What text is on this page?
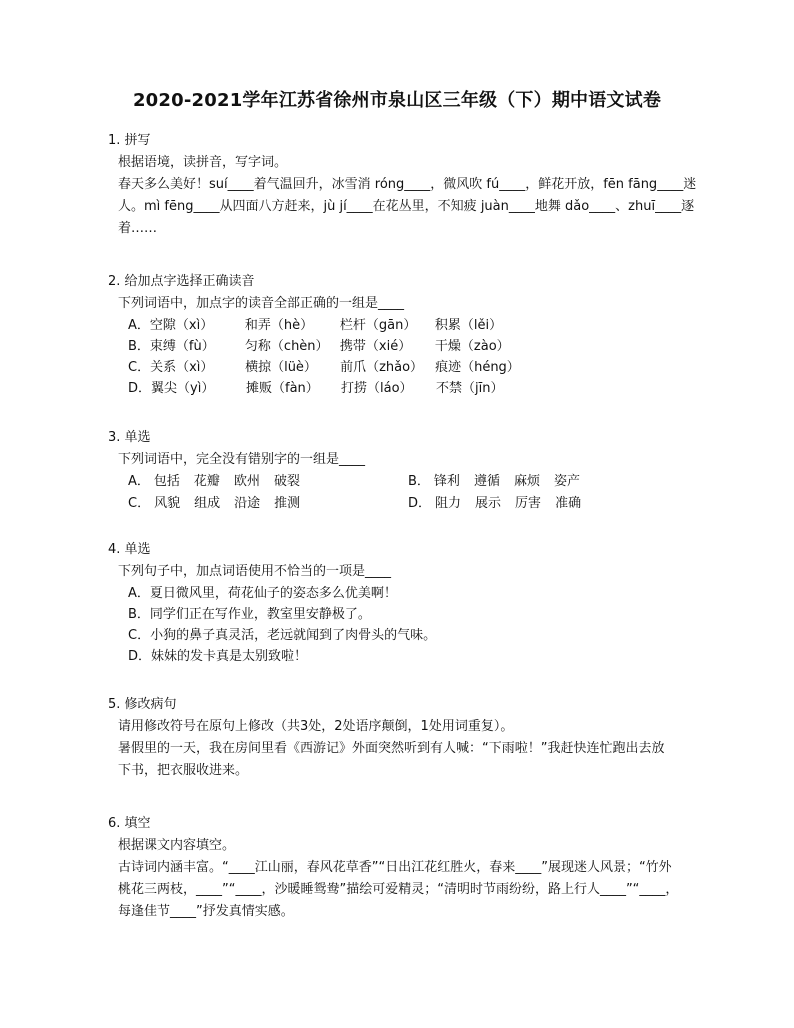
2020-2021学年江苏省徐州市泉山区三年级（下）期中语文试卷
1. 拼写
根据语境，读拼音，写字词。
春天多么美好！suí____着气温回升，冰雪消 róng____，微风吹 fú____，鲜花开放，fēn fāng____迷
人。mì fēng____从四面八方赶来，jù jí____在花丛里，不知疲 juàn____地舞 dǎo____、zhuī____逐
着……
2. 给加点字选择正确读音
下列词语中，加点字的读音全部正确的一组是____
A．空隙（xì） 和弄（hè） 栏杆（gān） 积累（lěi）
B．束缚（fù） 匀称（chèn） 携带（xié） 干燥（zào）
C．关系（xì） 横掠（lüè） 前爪（zhǎo） 痕迹（héng）
D．翼尖（yì） 摊贩（fàn） 打捞（láo） 不禁（jīn）
3. 单选
下列词语中，完全没有错别字的一组是____
A． 包括 花瓣 欧州 破裂	B． 锋利 遵循 麻烦 姿产
C． 风貌 组成 沿途 推测	D． 阻力 展示 厉害 准确
4. 单选
下列句子中，加点词语使用不恰当的一项是____
A．夏日微风里，荷花仙子的姿态多么优美啊！
B．同学们正在写作业，教室里安静极了。
C．小狗的鼻子真灵活，老远就闻到了肉骨头的气味。
D．妹妹的发卡真是太别致啦！
5. 修改病句
请用修改符号在原句上修改（共3处，2处语序颠倒，1处用词重复）。
暑假里的一天，我在房间里看《西游记》外面突然听到有人喊：“下雨啦！”我赶快连忙跑出去放
下书，把衣服收进来。
6. 填空
根据课文内容填空。
古诗词内涵丰富。“____江山丽，春风花草香”“日出江花红胜火，春来____”展现迷人风景；“竹外
桃花三两枝，____”“____，沙暖睡鸳鸯”描绘可爱精灵；“清明时节雨纷纷，路上行人____”“____，
每逢佳节____”抒发真情实感。
